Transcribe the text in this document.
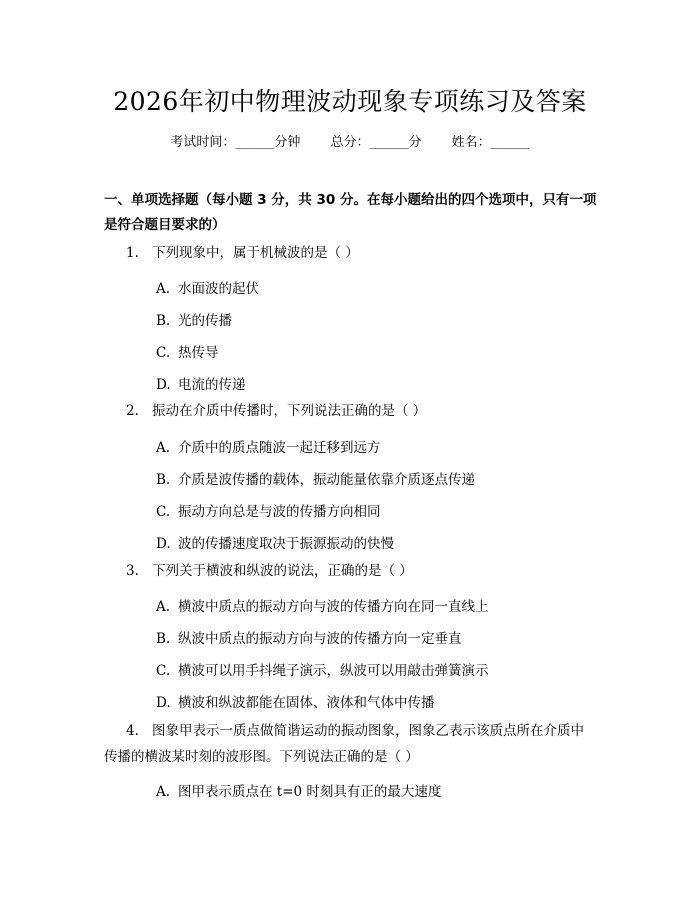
2026年初中物理波动现象专项练习及答案
考试时间：______分钟 总分：______分 姓名：______
一、单项选择题（每小题 3 分，共 30 分。在每小题给出的四个选项中，只有一项是符合题目要求的）
1. 下列现象中，属于机械波的是（ ）
A. 水面波的起伏
B. 光的传播
C. 热传导
D. 电流的传递
2. 振动在介质中传播时，下列说法正确的是（ ）
A. 介质中的质点随波一起迁移到远方
B. 介质是波传播的载体，振动能量依靠介质逐点传递
C. 振动方向总是与波的传播方向相同
D. 波的传播速度取决于振源振动的快慢
3. 下列关于横波和纵波的说法，正确的是（ ）
A. 横波中质点的振动方向与波的传播方向在同一直线上
B. 纵波中质点的振动方向与波的传播方向一定垂直
C. 横波可以用手抖绳子演示，纵波可以用敲击弹簧演示
D. 横波和纵波都能在固体、液体和气体中传播
4. 图象甲表示一质点做简谐运动的振动图象，图象乙表示该质点所在介质中
传播的横波某时刻的波形图。下列说法正确的是（ ）
A. 图甲表示质点在 t=0 时刻具有正的最大速度
